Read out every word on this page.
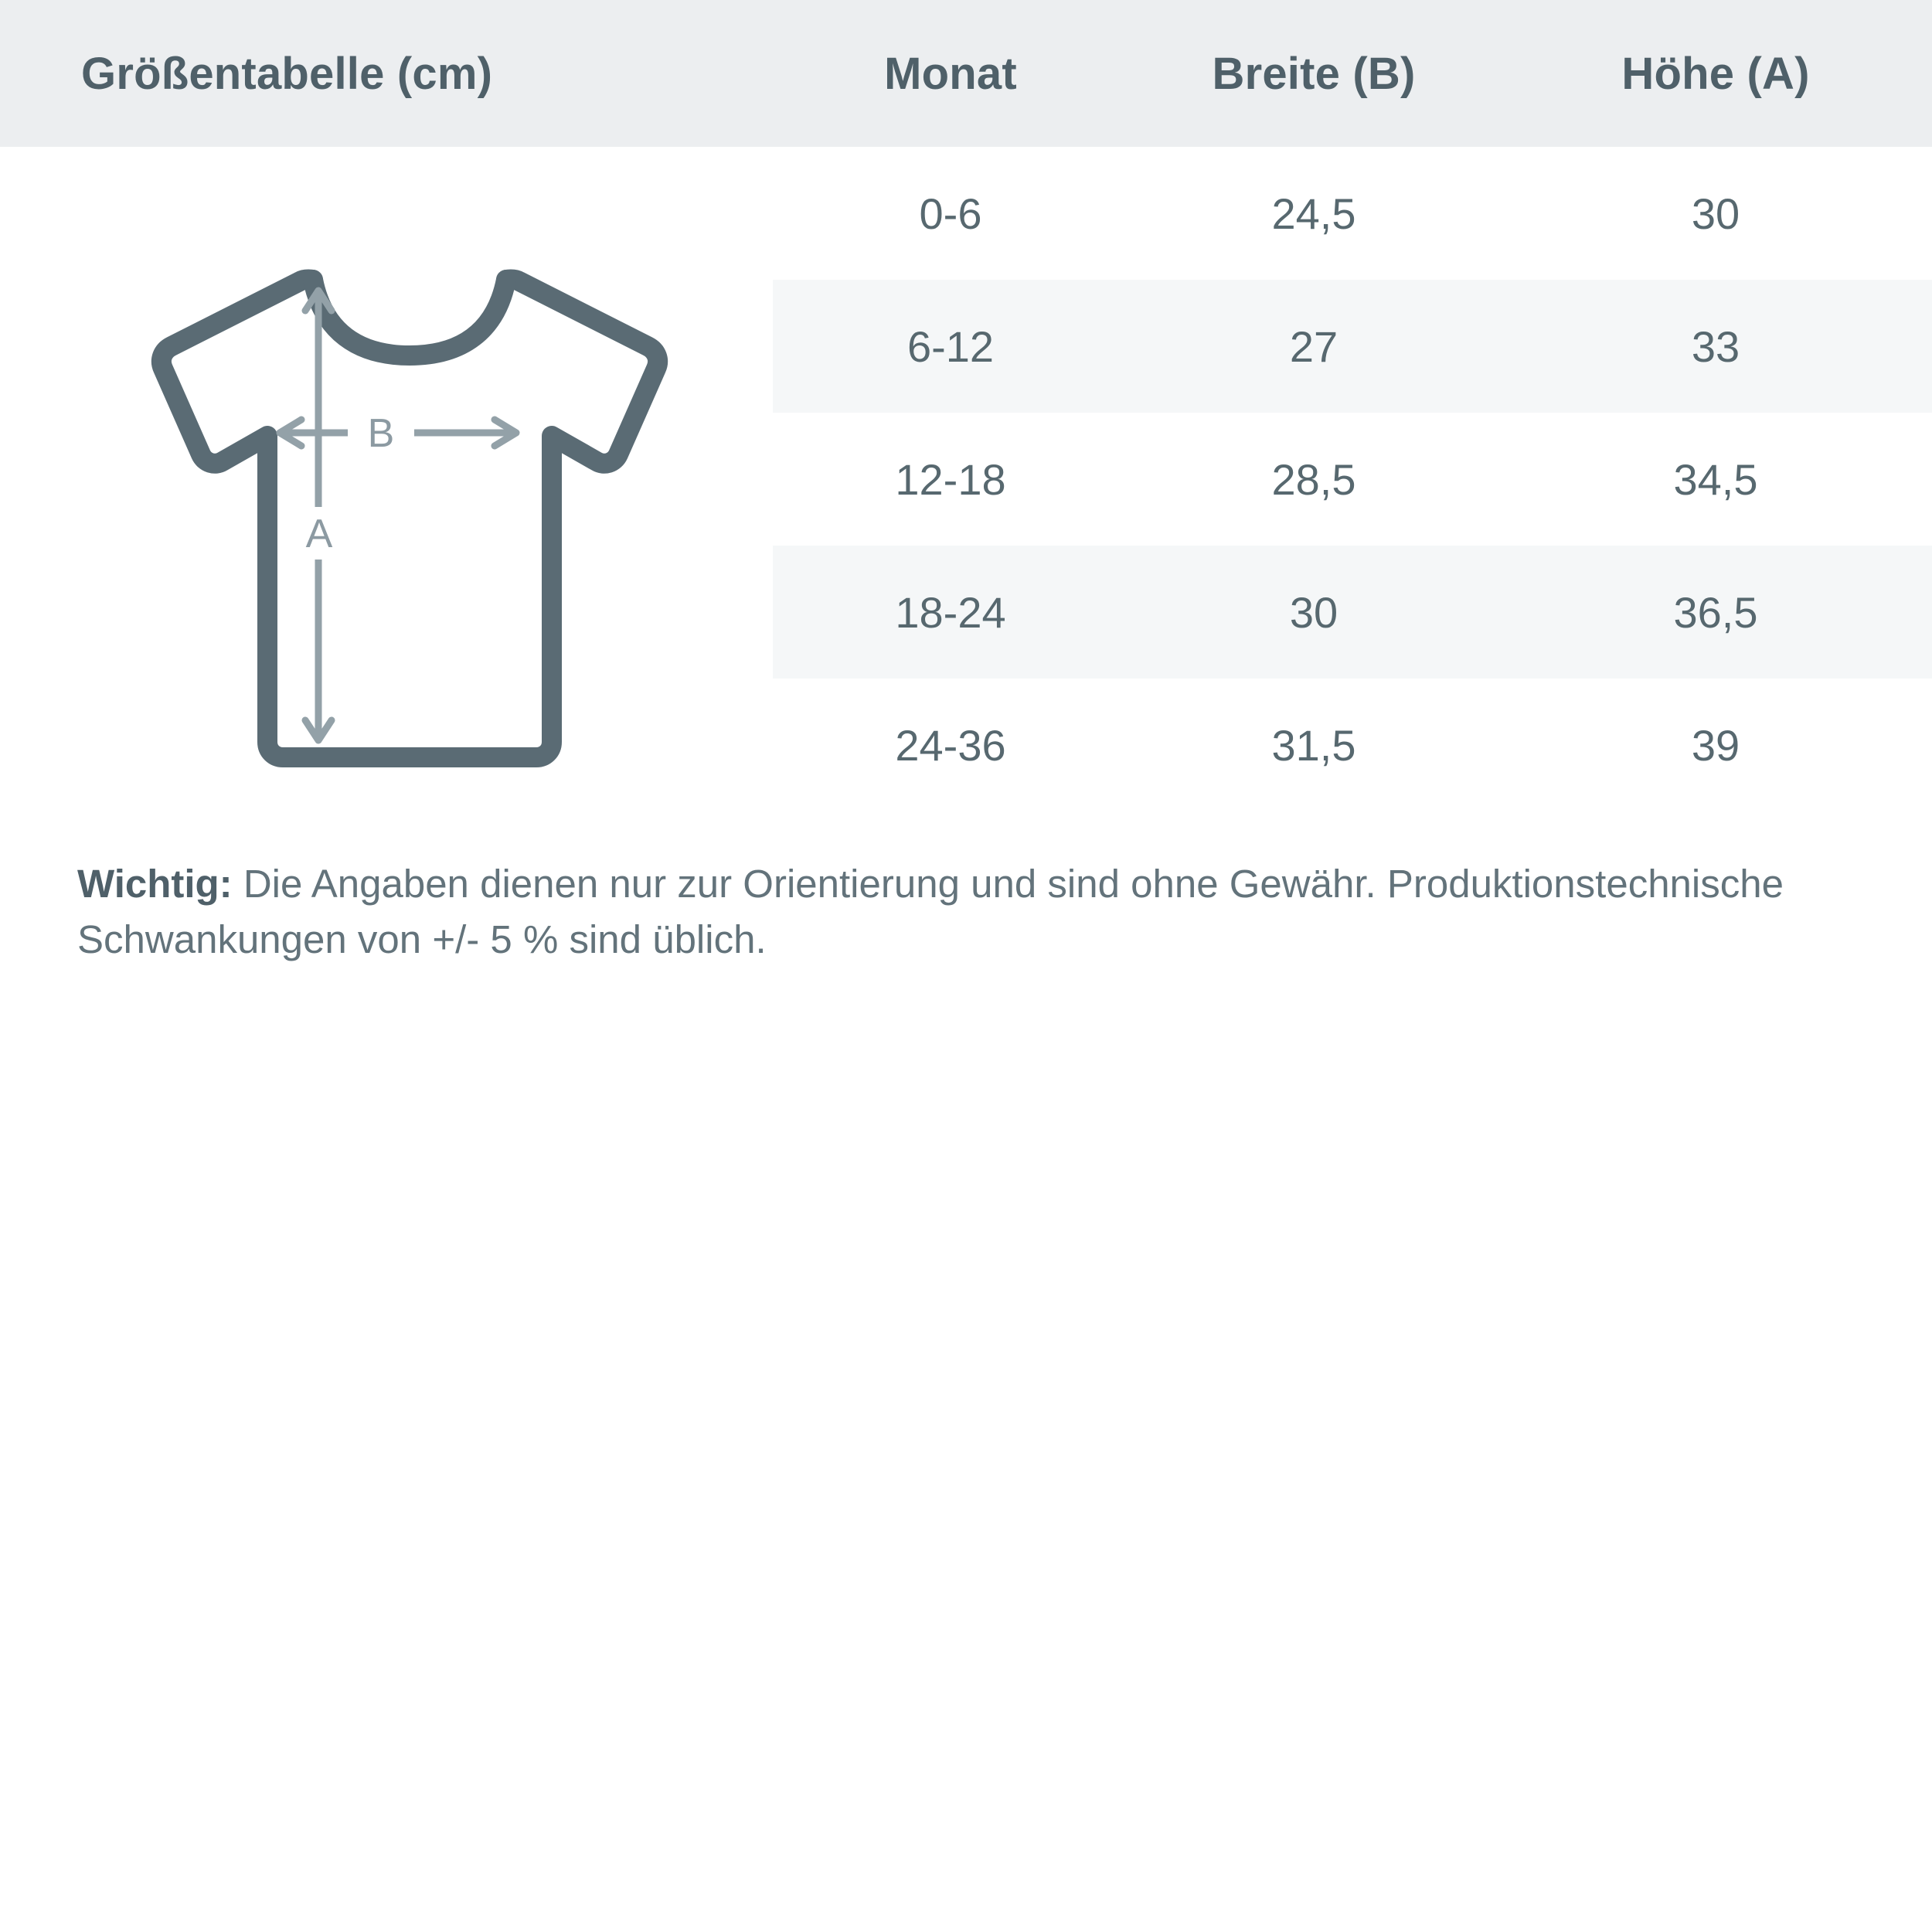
Größentabelle (cm)	Monat	Breite (B)	Höhe (A)
	0-6	24,5	30
	6-12	27	33
	12-18	28,5	34,5
	18-24	30	36,5
	24-36	31,5	39
B
A
Wichtig: Die Angaben dienen nur zur Orientierung und sind ohne Gewähr. Produktionstechnische Schwankungen von +/- 5 % sind üblich.
